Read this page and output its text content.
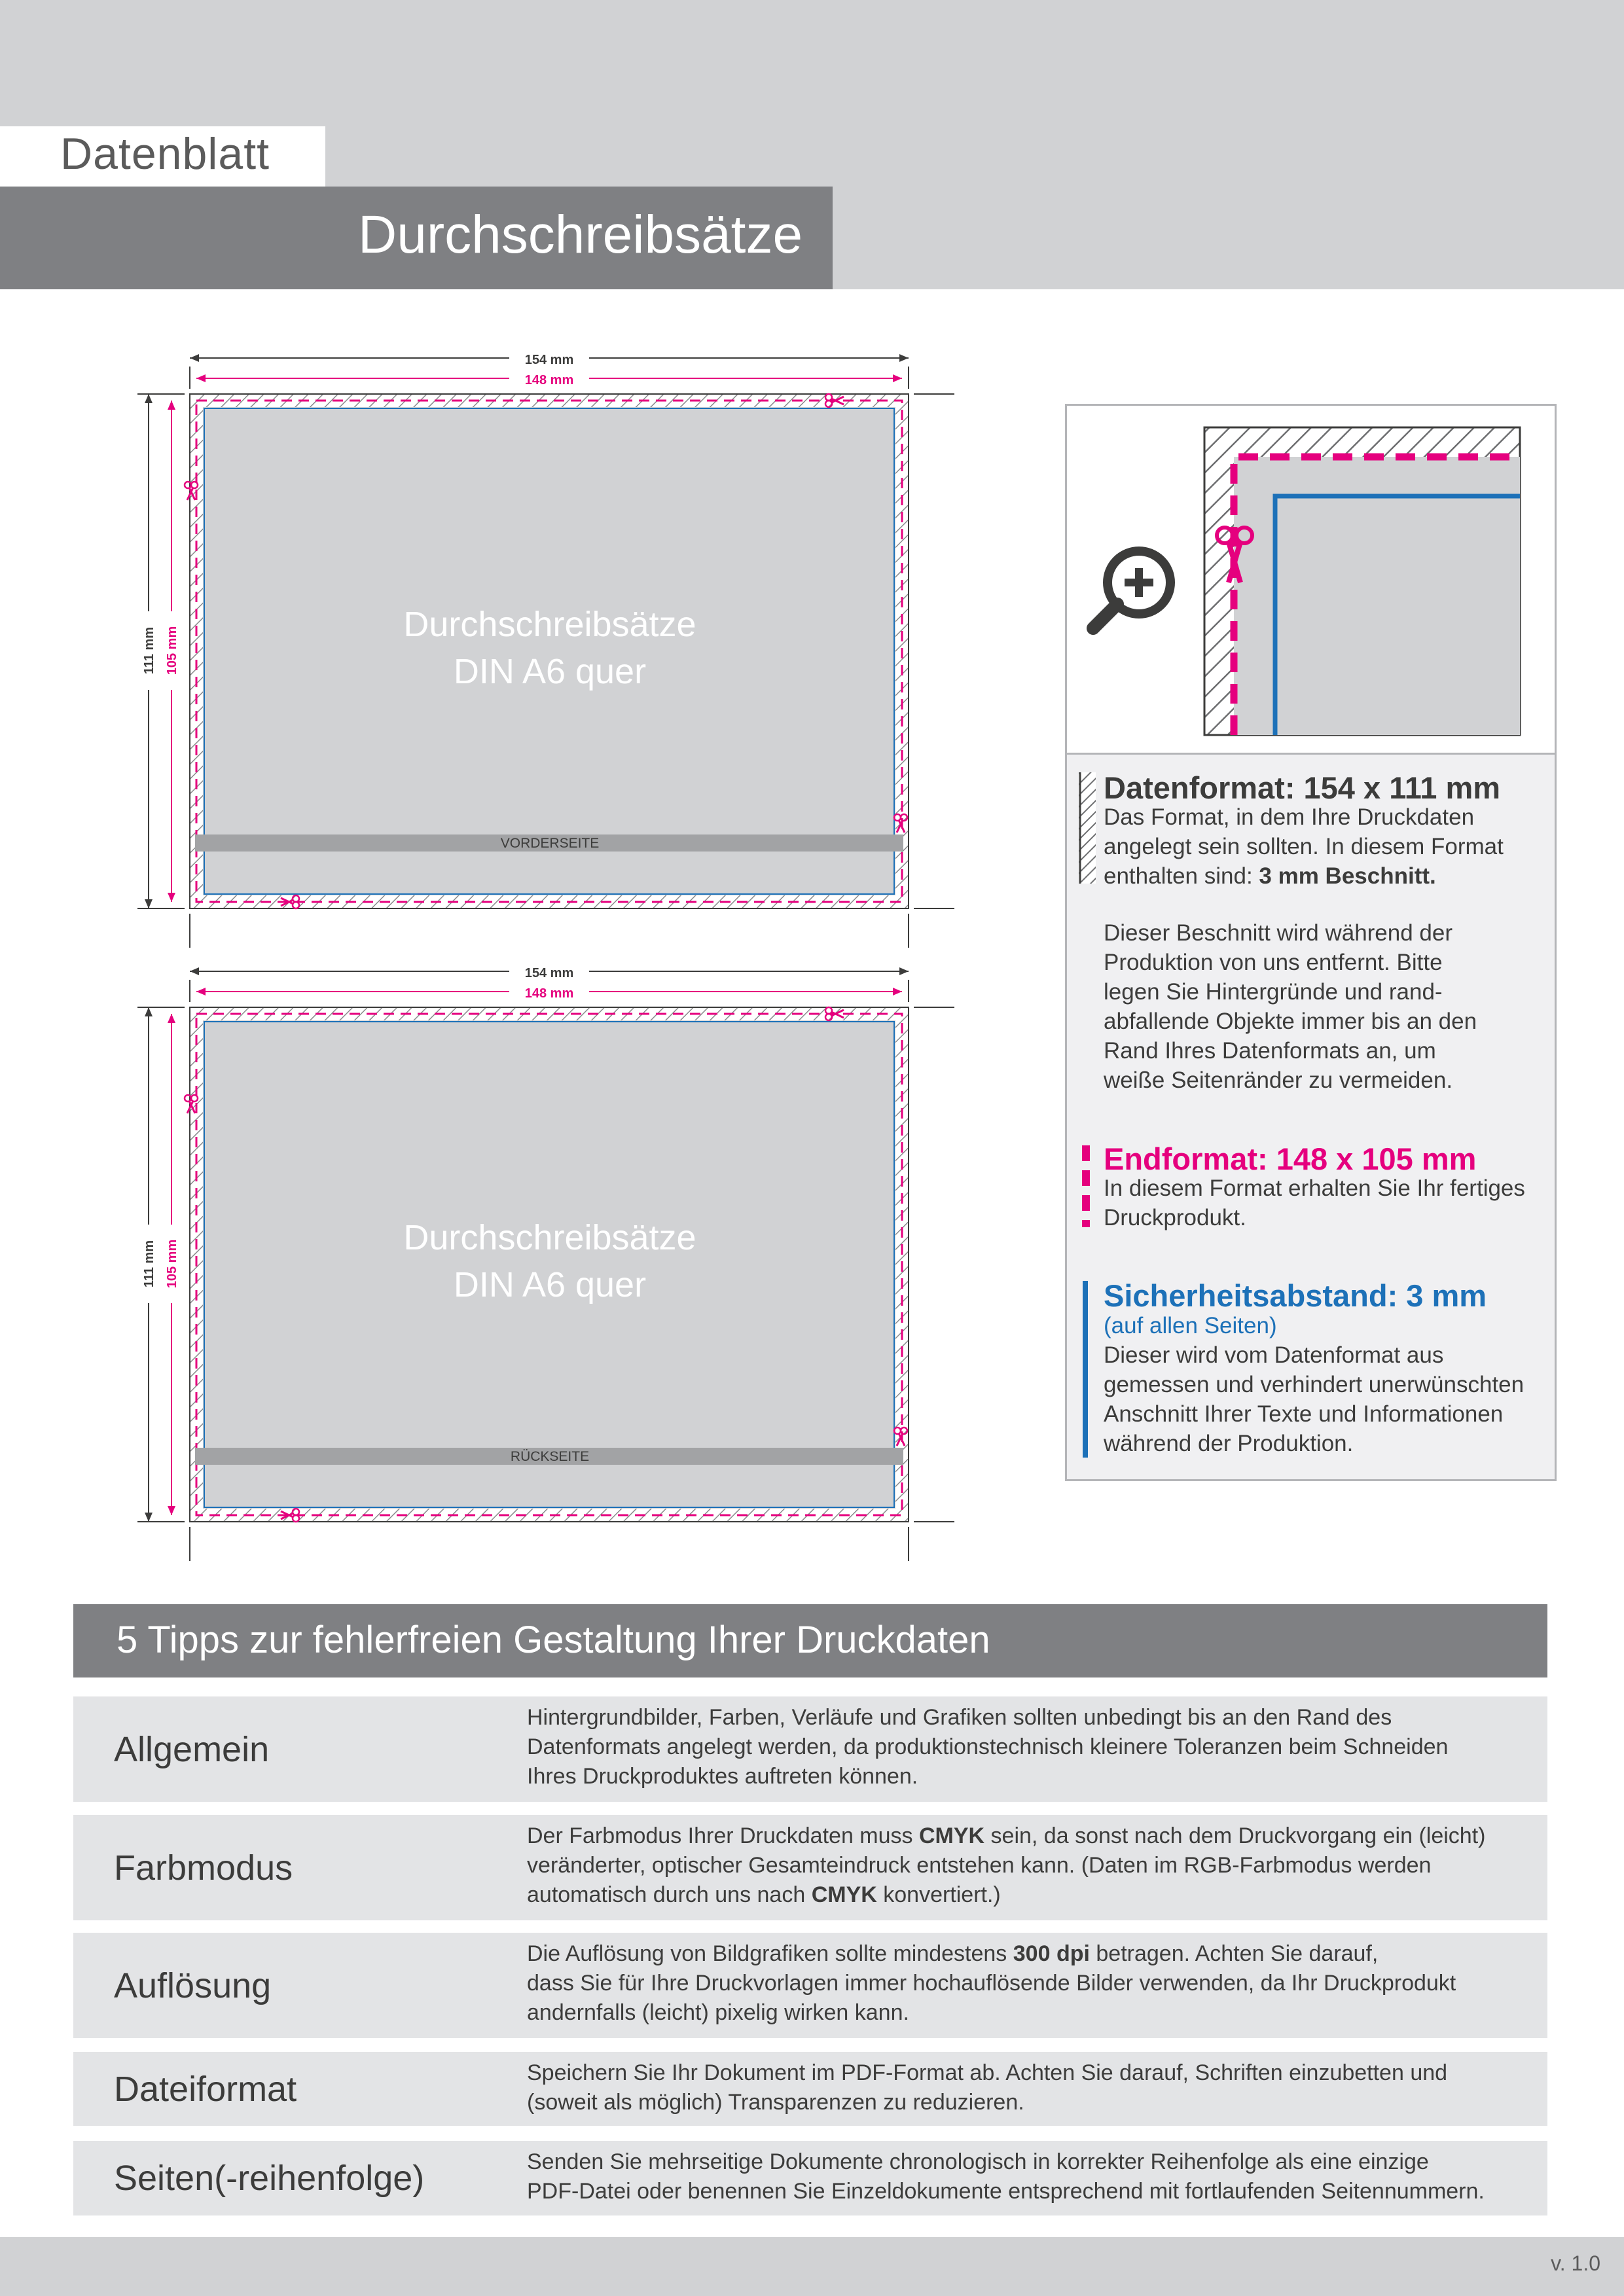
Datenblatt
Durchschreibsätze
154 mm
148 mm
111 mm 105 mm
Durchschreibsätze
DIN A6 quer
VORDERSEITE
154 mm
148 mm
111 mm 105 mm
Durchschreibsätze
DIN A6 quer
RÜCKSEITE
Datenformat: 154 x 111 mm
Das Format, in dem Ihre Druckdaten
angelegt sein sollten. In diesem Format
enthalten sind: 3 mm Beschnitt.
Dieser Beschnitt wird während der
Produktion von uns entfernt. Bitte
legen Sie Hintergründe und rand-
abfallende Objekte immer bis an den
Rand Ihres Datenformats an, um
weiße Seitenränder zu vermeiden.
Endformat: 148 x 105 mm
In diesem Format erhalten Sie Ihr fertiges
Druckprodukt.
Sicherheitsabstand: 3 mm
(auf allen Seiten)
Dieser wird vom Datenformat aus
gemessen und verhindert unerwünschten
Anschnitt Ihrer Texte und Informationen
während der Produktion.
5 Tipps zur fehlerfreien Gestaltung Ihrer Druckdaten
Allgemein
Hintergrundbilder, Farben, Verläufe und Grafiken sollten unbedingt bis an den Rand des
Datenformats angelegt werden, da produktionstechnisch kleinere Toleranzen beim Schneiden
Ihres Druckproduktes auftreten können.
Farbmodus
Der Farbmodus Ihrer Druckdaten muss CMYK sein, da sonst nach dem Druckvorgang ein (leicht)
veränderter, optischer Gesamteindruck entstehen kann. (Daten im RGB-Farbmodus werden
automatisch durch uns nach CMYK konvertiert.)
Auflösung
Die Auflösung von Bildgrafiken sollte mindestens 300 dpi betragen. Achten Sie darauf,
dass Sie für Ihre Druckvorlagen immer hochauflösende Bilder verwenden, da Ihr Druckprodukt
andernfalls (leicht) pixelig wirken kann.
Dateiformat	Speichern Sie Ihr Dokument im PDF-Format ab. Achten Sie darauf, Schriften einzubetten und
(soweit als möglich) Transparenzen zu reduzieren.
Seiten(-reihenfolge)	Senden Sie mehrseitige Dokumente chronologisch in korrekter Reihenfolge als eine einzige
PDF-Datei oder benennen Sie Einzeldokumente entsprechend mit fortlaufenden Seitennummern.
v. 1.0
